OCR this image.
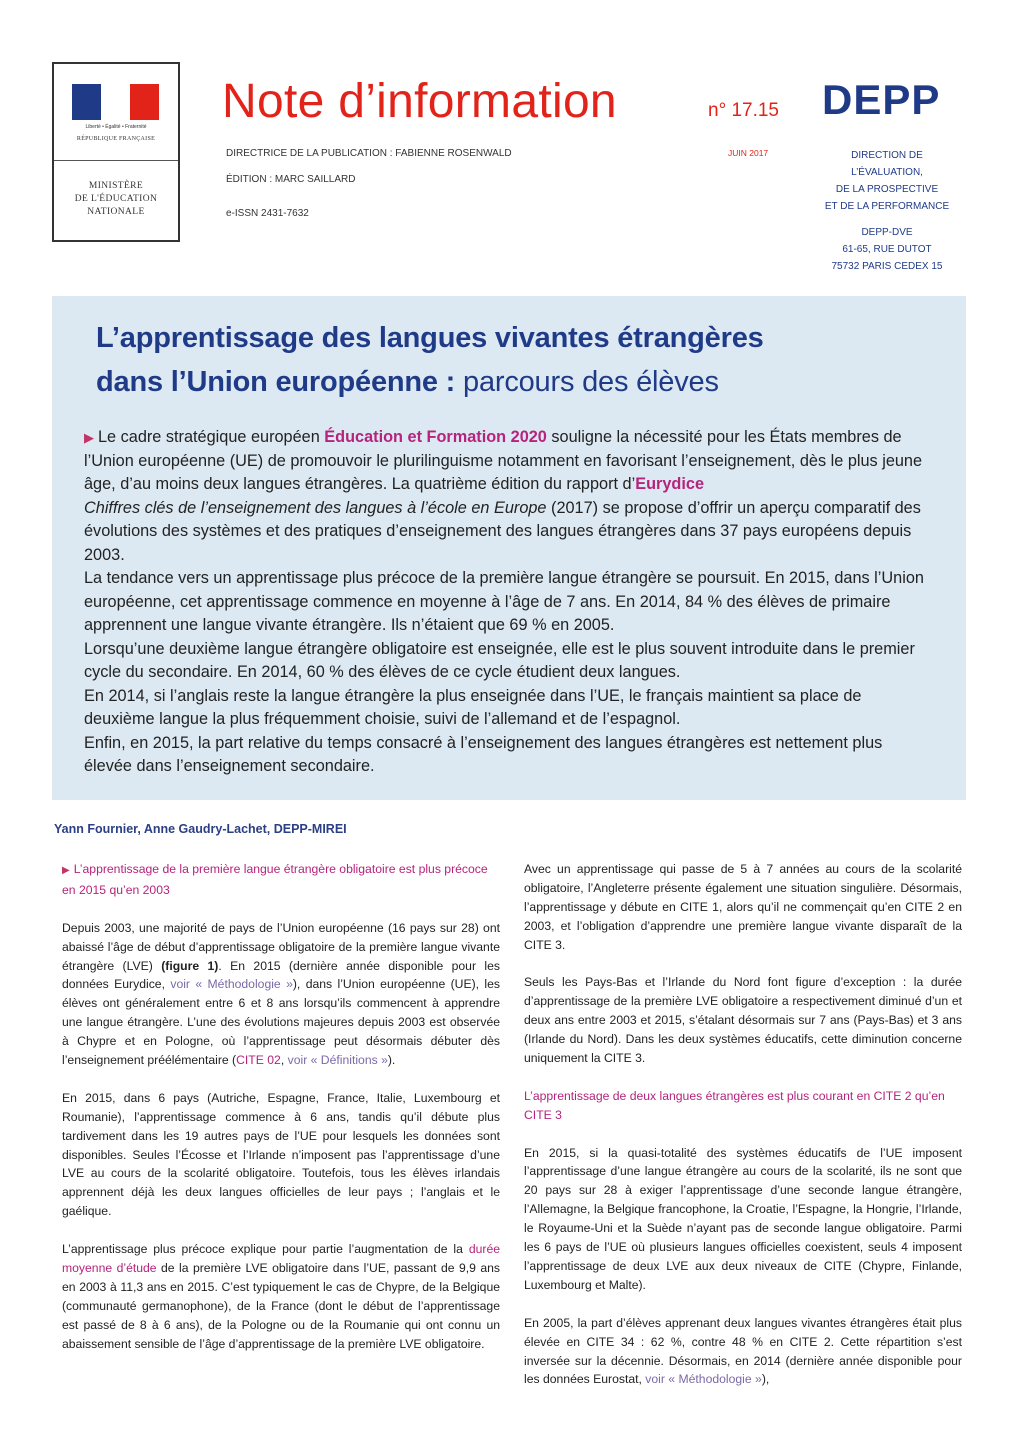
Liberté • Égalité • Fraternité
RÉPUBLIQUE FRANÇAISE
MINISTÈRE
DE L'ÉDUCATION
NATIONALE
Note d’information	n° 17.15 DEPP
DIRECTRICE DE LA PUBLICATION : FABIENNE ROSENWALD
ÉDITION : MARC SAILLARD
e-ISSN 2431-7632
JUIN 2017	DIRECTION DE
L’ÉVALUATION,
DE LA PROSPECTIVE
ET DE LA PERFORMANCE
DEPP-DVE
61-65, RUE DUTOT
75732 PARIS CEDEX 15
L’apprentissage des langues vivantes étrangères
dans l’Union européenne : parcours des élèves

▶ Le cadre stratégique européen Éducation et Formation 2020 souligne la nécessité pour les États membres de l’Union européenne (UE) de promouvoir le plurilinguisme notamment en favorisant l’enseignement, dès le plus jeune âge, d’au moins deux langues étrangères. La quatrième édition du rapport d’Eurydice
Chiffres clés de l’enseignement des langues à l’école en Europe (2017) se propose d’offrir un aperçu comparatif des évolutions des systèmes et des pratiques d’enseignement des langues étrangères dans 37 pays européens depuis 2003.

La tendance vers un apprentissage plus précoce de la première langue étrangère se poursuit. En 2015, dans l’Union européenne, cet apprentissage commence en moyenne à l’âge de 7 ans. En 2014, 84 % des élèves de primaire apprennent une langue vivante étrangère. Ils n’étaient que 69 % en 2005.

Lorsqu’une deuxième langue étrangère obligatoire est enseignée, elle est le plus souvent introduite dans le premier cycle du secondaire. En 2014, 60 % des élèves de ce cycle étudient deux langues.

En 2014, si l’anglais reste la langue étrangère la plus enseignée dans l’UE, le français maintient sa place de deuxième langue la plus fréquemment choisie, suivi de l’allemand et de l’espagnol.

Enfin, en 2015, la part relative du temps consacré à l’enseignement des langues étrangères est nettement plus élevée dans l’enseignement secondaire.

Yann Fournier, Anne Gaudry-Lachet, DEPP-MIREI
▶ L’apprentissage de la première langue étrangère obligatoire est plus précoce en 2015 qu’en 2003

Depuis 2003, une majorité de pays de l’Union européenne (16 pays sur 28) ont abaissé l’âge de début d’apprentissage obligatoire de la première langue vivante étrangère (LVE) (figure 1). En 2015 (dernière année disponible pour les données Eurydice, voir « Méthodologie »), dans l’Union européenne (UE), les élèves ont généralement entre 6 et 8 ans lorsqu’ils commencent à apprendre une langue étrangère. L’une des évolutions majeures depuis 2003 est observée à Chypre et en Pologne, où l’apprentissage peut désormais débuter dès l’enseignement préélémentaire (CITE 02, voir « Définitions »).

En 2015, dans 6 pays (Autriche, Espagne, France, Italie, Luxembourg et Roumanie), l’apprentissage commence à 6 ans, tandis qu’il débute plus tardivement dans les 19 autres pays de l’UE pour lesquels les données sont disponibles. Seules l’Écosse et l’Irlande n’imposent pas l’apprentissage d’une LVE au cours de la scolarité obligatoire. Toutefois, tous les élèves irlandais apprennent déjà les deux langues officielles de leur pays ; l’anglais et le gaélique.

L’apprentissage plus précoce explique pour partie l’augmentation de la durée moyenne d’étude de la première LVE obligatoire dans l’UE, passant de 9,9 ans en 2003 à 11,3 ans en 2015. C’est typiquement le cas de Chypre, de la Belgique (communauté germanophone), de la France (dont le début de l’apprentissage est passé de 8 à 6 ans), de la Pologne ou de la Roumanie qui ont connu un abaissement sensible de l’âge d’apprentissage de la première LVE obligatoire.

Avec un apprentissage qui passe de 5 à 7 années au cours de la scolarité obligatoire, l’Angleterre présente également une situation singulière. Désormais, l’apprentissage y débute en CITE 1, alors qu’il ne commençait qu’en CITE 2 en 2003, et l’obligation d’apprendre une première langue vivante disparaît de la CITE 3.

Seuls les Pays-Bas et l’Irlande du Nord font figure d’exception : la durée d’apprentissage de la première LVE obligatoire a respectivement diminué d’un et deux ans entre 2003 et 2015, s’étalant désormais sur 7 ans (Pays-Bas) et 3 ans (Irlande du Nord). Dans les deux systèmes éducatifs, cette diminution concerne uniquement la CITE 3.

L’apprentissage de deux langues étrangères est plus courant en CITE 2 qu’en CITE 3

En 2015, si la quasi-totalité des systèmes éducatifs de l’UE imposent l’apprentissage d’une langue étrangère au cours de la scolarité, ils ne sont que 20 pays sur 28 à exiger l’apprentissage d’une seconde langue étrangère, l’Allemagne, la Belgique francophone, la Croatie, l’Espagne, la Hongrie, l’Irlande, le Royaume-Uni et la Suède n’ayant pas de seconde langue obligatoire. Parmi les 6 pays de l’UE où plusieurs langues officielles coexistent, seuls 4 imposent l’apprentissage de deux LVE aux deux niveaux de CITE (Chypre, Finlande, Luxembourg et Malte).

En 2005, la part d’élèves apprenant deux langues vivantes étrangères était plus élevée en CITE 34 : 62 %, contre 48 % en CITE 2. Cette répartition s’est inversée sur la décennie. Désormais, en 2014 (dernière année disponible pour les données Eurostat, voir « Méthodologie »),
